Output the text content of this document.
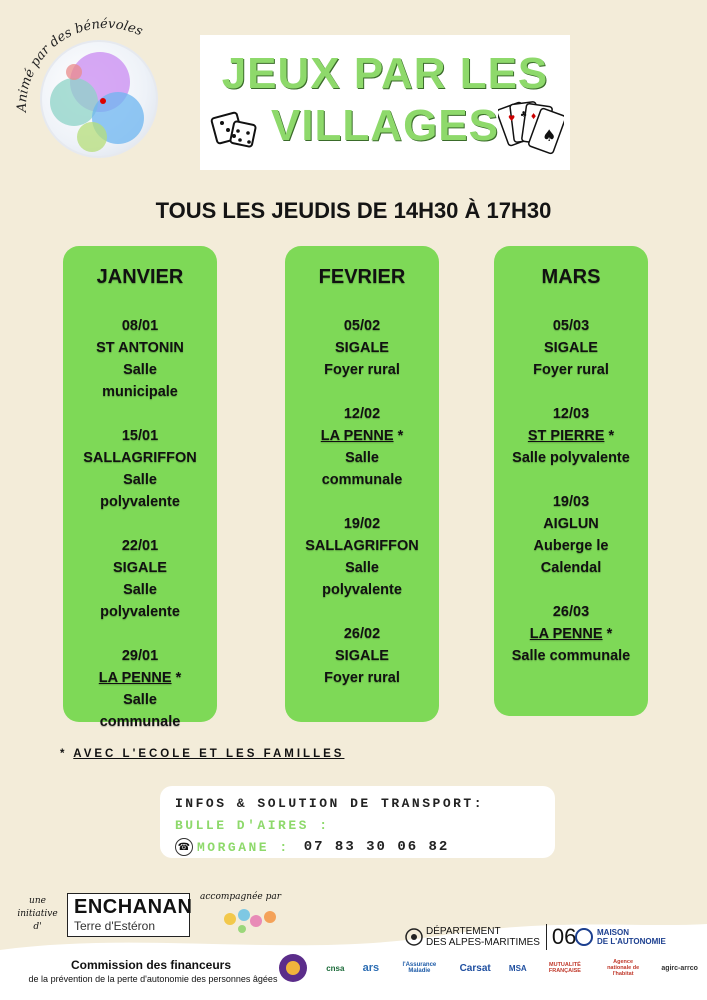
Animé par des bénévoles
JEUX PAR LES
VILLAGES	♠
♥ ♣ ♦
TOUS LES JEUDIS DE 14H30 À 17H30
JANVIER
08/01
ST ANTONIN
Salle
municipale
15/01
SALLAGRIFFON
Salle
polyvalente
22/01
SIGALE
Salle
polyvalente
29/01
LA PENNE *
Salle
communale
FEVRIER
05/02
SIGALE
Foyer rural
12/02
LA PENNE *
Salle
communale
19/02
SALLAGRIFFON
Salle
polyvalente
26/02
SIGALE
Foyer rural
MARS
05/03
SIGALE
Foyer rural
12/03
ST PIERRE *
Salle polyvalente
19/03
AIGLUN
Auberge le
Calendal
26/03
LA PENNE *
Salle communale
* AVEC L'ECOLE ET LES FAMILLES
INFOS & SOLUTION DE TRANSPORT:
BULLE D'AIRES :
☎ MORGANE : 07 83 30 06 82
une
initiative
d'
ENCHANAN
Terre d'Estéron
accompagnée par
DÉPARTEMENT
DES ALPES-MARITIMES 06	MAISON
DE L'AUTONOMIE
Commission des financeurs
de la prévention de la perte d'autonomie des personnes âgées
cnsa ars	l'Assurance Maladie	Carsat MSA	MUTUALITÉ FRANÇAISE
Agence nationale de l'habitat
agirc-arrco
